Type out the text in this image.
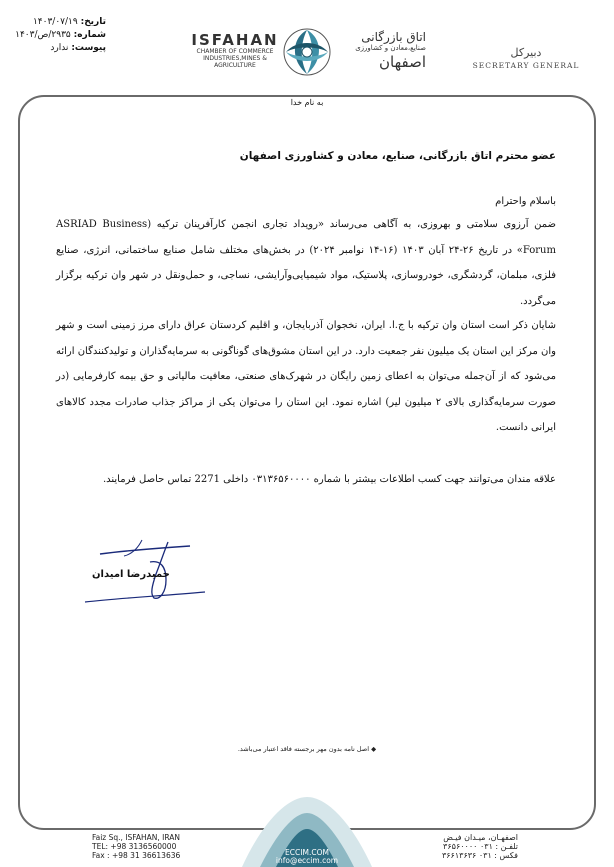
تاریخ: ۱۴۰۳/۰۷/۱۹
شماره: ۲۹۳۵/ص/۱۴۰۳
پیوست: ندارد	ISFAHAN
CHAMBER OF COMMERCE
INDUSTRIES,MINES & AGRICULTURE
اتاق بازرگانی
صنایع،معادن و کشاورزی
اصفهان
دبیرکل
SECRETARY GENERAL
به نام خدا
عضو محترم اتاق بازرگانی، صنایع، معادن و کشاورزی اصفهان
باسلام واحترام
ضمن آرزوی سلامتی و بهروزی، به آگاهی می‌رساند «رویداد تجاری انجمن کارآفرینان ترکیه (ASRIAD Business Forum» در تاریخ ۲۶-۲۴ آبان ۱۴۰۳ (۱۶-۱۴ نوامبر ۲۰۲۴) در بخش‌های مختلف شامل صنایع ساختمانی، انرژی، صنایع فلزی، مبلمان، گردشگری، خودروسازی، پلاستیک، مواد شیمیایی‌وآرایشی، نساجی، و حمل‌ونقل در شهر وان ترکیه برگزار می‌گردد.
شایان ذکر است استان وان ترکیه با ج.ا. ایران، نخجوان آذربایجان، و اقلیم کردستان عراق دارای مرز زمینی است و شهر وان مرکز این استان یک میلیون نفر جمعیت دارد. در این استان مشوق‌های گوناگونی به سرمایه‌گذاران و تولیدکنندگان ارائه می‌شود که از آن‌جمله می‌توان به اعطای زمین رایگان در شهرک‌های صنعتی، معافیت مالیاتی و حق بیمه کارفرمایی (در صورت سرمایه‌گذاری بالای ۲ میلیون لیر) اشاره نمود. این استان را می‌توان یکی از مراکز جذاب صادرات مجدد کالاهای ایرانی دانست.
علاقه مندان می‌توانند جهت کسب اطلاعات بیشتر با شماره ۰۳۱۳۶۵۶۰۰۰۰ داخلی 2271 تماس حاصل فرمایند.
حمیدرضا امیدان
◆ اصل نامه بدون مهر برجسته فاقد اعتبار می‌باشد.
Faiz Sq., ISFAHAN, IRAN
TEL: +98 3136560000
Fax : +98 31 36613636	ECCIM.COM
info@eccim.com
اصفهـان، میـدان فیـض
تلفـن : ۰۳۱ ۳۶۵۶۰۰۰۰
فکس : ۰۳۱ ۳۶۶۱۳۶۳۶
